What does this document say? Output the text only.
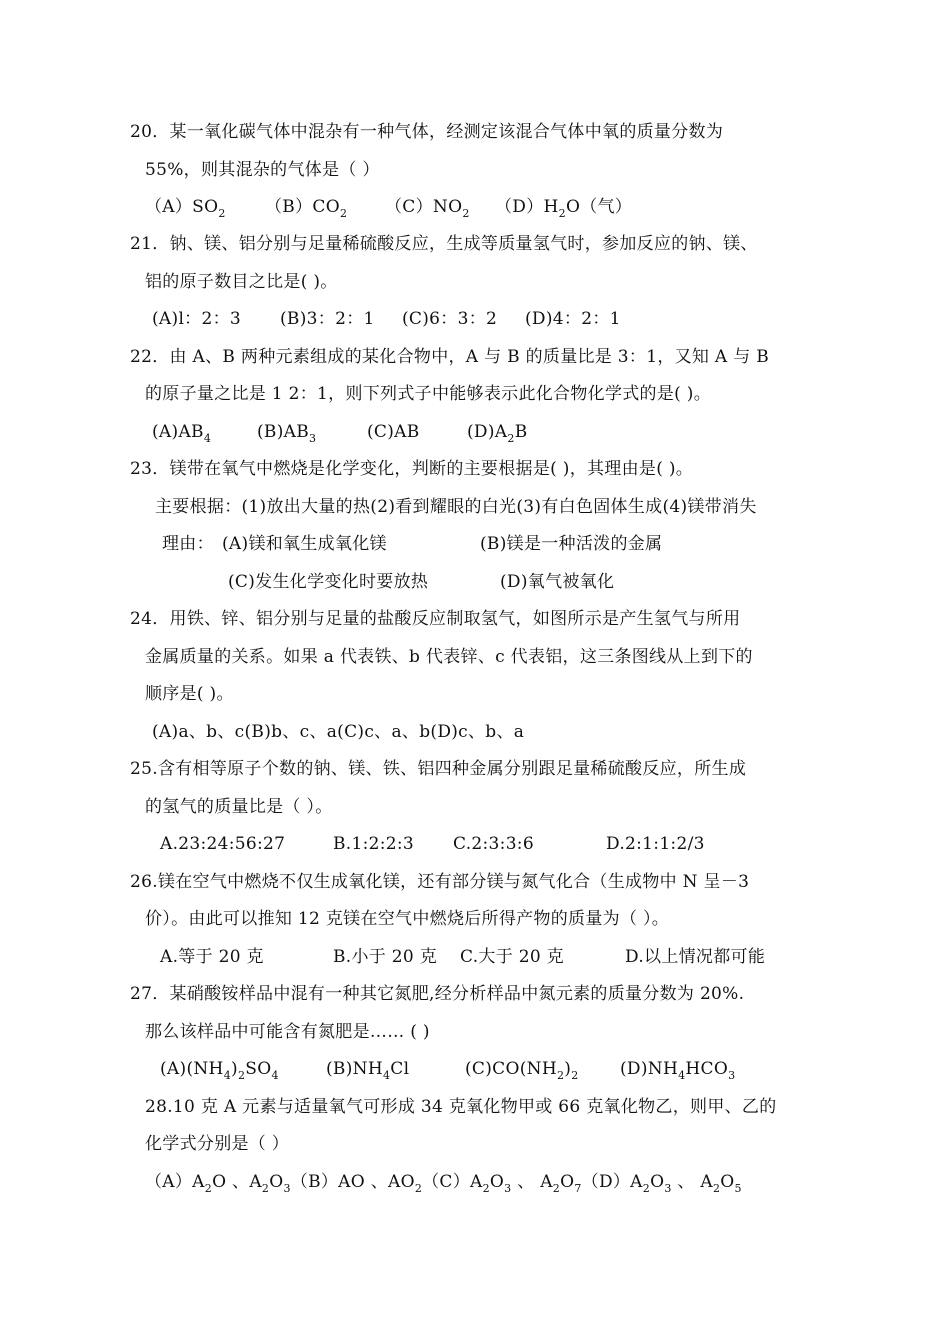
20．某一氧化碳气体中混杂有一种气体，经测定该混合气体中氧的质量分数为
55%，则其混杂的气体是（ ）
$(A)SO_2$ $(B)CO_2$ $(C)NO_2$ $(D)H_2O$（气）
21．钠、镁、铝分别与足量稀硫酸反应，生成等质量氢气时，参加反应的钠、镁、
铝的原子数目之比是( )。
(A)l：2：3 (B)3：2：1 (C)6：3：2 (D)4：2：1
22．由 A、B 两种元素组成的某化合物中，A 与 B 的质量比是 3：1，又知 A 与 B
的原子量之比是 1 2：1，则下列式子中能够表示此化合物化学式的是( )。
$(A)AB_4$	$(B)AB_3$	(C)AB	$(D)A_2B$
23．镁带在氧气中燃烧是化学变化，判断的主要根据是( )，其理由是( )。
主要根据：(1)放出大量的热(2)看到耀眼的白光(3)有白色固体生成(4)镁带消失
理由： (A)镁和氧生成氧化镁	(B)镁是一种活泼的金属
(C)发生化学变化时要放热	(D)氧气被氧化
24．用铁、锌、铝分别与足量的盐酸反应制取氢气，如图所示是产生氢气与所用
金属质量的关系。如果 a 代表铁、b 代表锌、c 代表铝，这三条图线从上到下的
顺序是( )。
(A)a、b、c(B)b、c、a(C)c、a、b(D)c、b、a
25.含有相等原子个数的钠、镁、铁、铝四种金属分别跟足量稀硫酸反应，所生成
的氢气的质量比是（ ）。
A.23:24:56:27	B.1:2:2:3 C.2:3:3:6	D.2:1:1:2/3
26.镁在空气中燃烧不仅生成氧化镁，还有部分镁与氮气化合（生成物中 N 呈－3
价）。由此可以推知 12 克镁在空气中燃烧后所得产物的质量为（ ）。
A.等于 20 克	B.小于 20 克 C.大于 20 克	D.以上情况都可能
27．某硝酸铵样品中混有一种其它氮肥,经分析样品中氮元素的质量分数为 20%.
那么该样品中可能含有氮肥是…… ( )
$(A)(NH_4)_2SO_4$	$(B)NH_4Cl$	$(C)CO(NH_2)_2$ $(D)NH_4HCO_3$
28.10 克 A 元素与适量氧气可形成 34 克氧化物甲或 66 克氧化物乙，则甲、乙的
化学式分别是（ ）
$(A)A_2O$ 、$A_2O_3(B)AO$ 、$AO_2(C)A_2O_3$ 、 $A_2O_7(D)A_2O_3$ 、 $A_2O_5$
